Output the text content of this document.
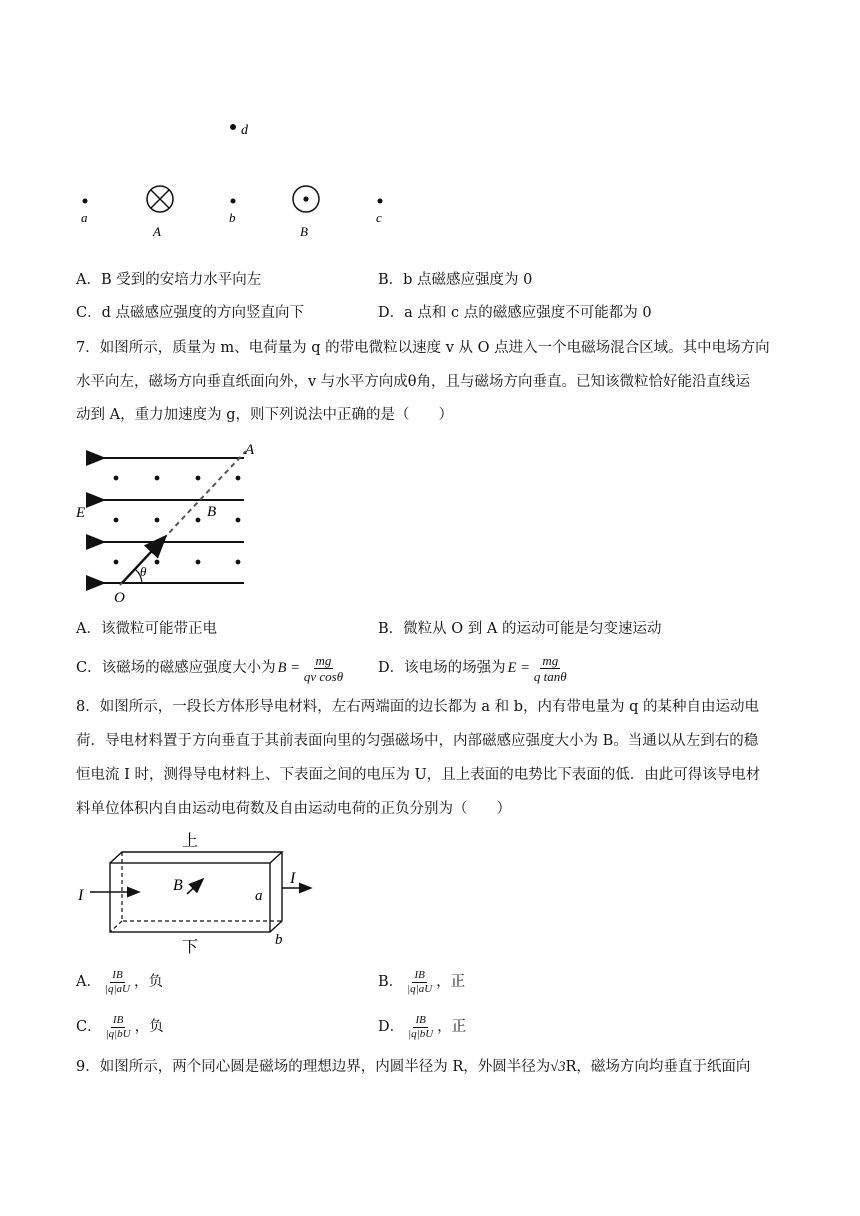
d
a
A
b
B
c
A．B 受到的安培力水平向左	B．b 点磁感应强度为 0
C．d 点磁感应强度的方向竖直向下	D．a 点和 c 点的磁感应强度不可能都为 0
7．如图所示，质量为 m、电荷量为 q 的带电微粒以速度 v 从 O 点进入一个电磁场混合区域。其中电场方向
水平向左，磁场方向垂直纸面向外，v 与水平方向成θ角，且与磁场方向垂直。已知该微粒恰好能沿直线运
动到 A，重力加速度为 g，则下列说法中正确的是（　　）
θ
A
B
E
O
A．该微粒可能带正电	B．微粒从 O 到 A 的运动可能是匀变速运动
C．该磁场的磁感应强度大小为 $B = \frac{mg}{\text{qv cosθ}}$ D．该电场的场强为 $E = \frac{mg}{\text{q tanθ}}$
8．如图所示，一段长方体形导电材料，左右两端面的边长都为 a 和 b，内有带电量为 q 的某种自由运动电
荷．导电材料置于方向垂直于其前表面向里的匀强磁场中，内部磁感应强度大小为 B。当通以从左到右的稳
恒电流 I 时，测得导电材料上、下表面之间的电压为 U，且上表面的电势比下表面的低．由此可得该导电材
料单位体积内自由运动电荷数及自由运动电荷的正负分别为（　　）
上
下
I
I
B
a
b
A． $\frac{IB}{|q|aU}$ ，负	B． $\frac{IB}{|q|aU}$ ，正
C． $\frac{IB}{|q|bU}$ ，负	D． $\frac{IB}{|q|bU}$ ，正
9．如图所示，两个同心圆是磁场的理想边界，内圆半径为 R，外圆半径为√3R，磁场方向均垂直于纸面向
